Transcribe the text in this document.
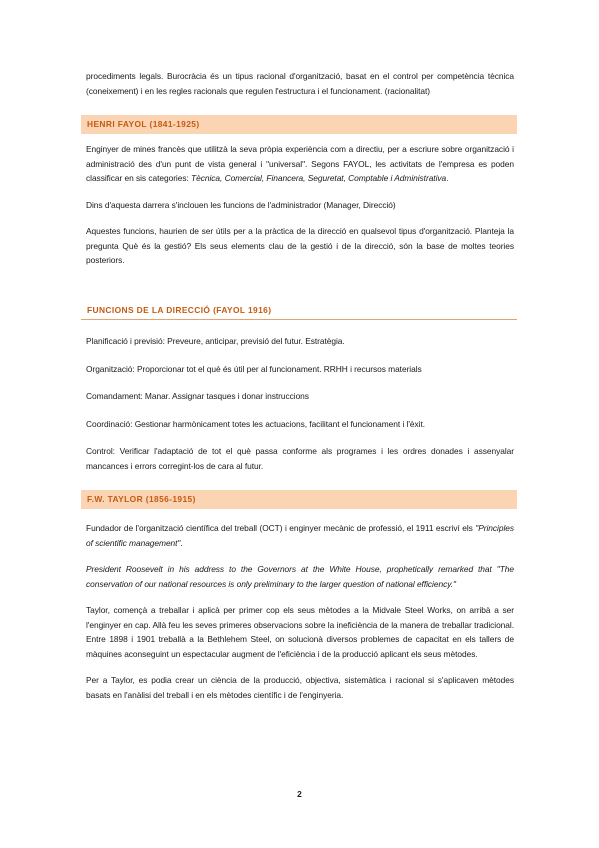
procediments legals. Burocràcia és un tipus racional d'organització, basat en el control per competència tècnica (coneixement) i en les regles racionals que regulen l'estructura i el funcionament. (racionalitat)

HENRI FAYOL (1841-1925)

Enginyer de mines francès que utilitzà la seva pròpia experiència com a directiu, per a escriure sobre organització i administració des d'un punt de vista general i "universal". Segons FAYOL, les activitats de l'empresa es poden classificar en sis categories: Tècnica, Comercial, Financera, Seguretat, Comptable i Administrativa.

Dins d'aquesta darrera s'inclouen les funcions de l'administrador (Manager, Direcció)

Aquestes funcions, haurien de ser útils per a la pràctica de la direcció en qualsevol tipus d'organització. Planteja la pregunta Què és la gestió? Els seus elements clau de la gestió i de la direcció, són la base de moltes teories posteriors.

FUNCIONS DE LA DIRECCIÓ (FAYOL 1916)

Planificació i previsió: Preveure, anticipar, previsió del futur. Estratègia.

Organització: Proporcionar tot el què és útil per al funcionament. RRHH i recursos materials

Comandament: Manar. Assignar tasques i donar instruccions

Coordinació: Gestionar harmònicament totes les actuacions, facilitant el funcionament i l'èxit.

Control: Verificar l'adaptació de tot el què passa conforme als programes i les ordres donades i assenyalar mancances i errors corregint-los de cara al futur.

F.W. TAYLOR (1856-1915)

Fundador de l'organització científica del treball (OCT) i enginyer mecànic de professió, el 1911 escriví els "Principles of scientific management".

President Roosevelt in his address to the Governors at the White House, prophetically remarked that "The conservation of our national resources is only preliminary to the larger question of national efficiency."

Taylor, començà a treballar i aplicà per primer cop els seus mètodes a la Midvale Steel Works, on arribà a ser l'enginyer en cap. Allà feu les seves primeres observacions sobre la ineficiència de la manera de treballar tradicional. Entre 1898 i 1901 treballà a la Bethlehem Steel, on solucionà diversos problemes de capacitat en els tallers de màquines aconseguint un espectacular augment de l'eficiència i de la producció aplicant els seus mètodes.

Per a Taylor, es podia crear un ciència de la producció, objectiva, sistemàtica i racional si s'aplicaven mètodes basats en l'anàlisi del treball i en els mètodes científic i de l'enginyeria.

2
